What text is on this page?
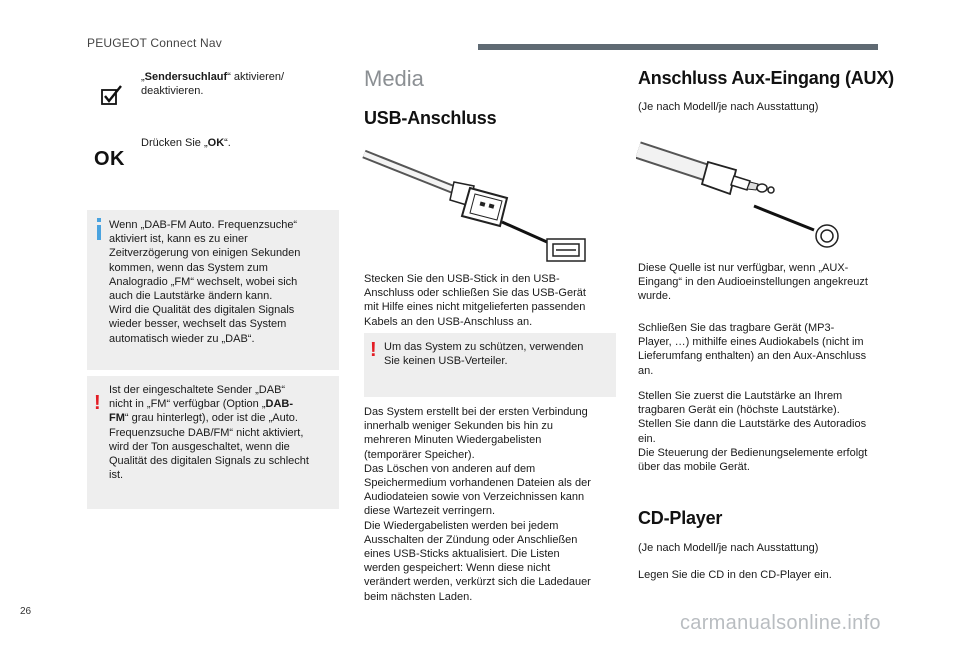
PEUGEOT Connect Nav
„Sendersuchlauf“ aktivieren/
deaktivieren.
OK
Drücken Sie „OK“.
Wenn „DAB-FM Auto. Frequenzsuche“
aktiviert ist, kann es zu einer
Zeitverzögerung von einigen Sekunden
kommen, wenn das System zum
Analogradio „FM“ wechselt, wobei sich
auch die Lautstärke ändern kann.
Wird die Qualität des digitalen Signals
wieder besser, wechselt das System
automatisch wieder zu „DAB“.
!
Ist der eingeschaltete Sender „DAB“
nicht in „FM“ verfügbar (Option „DAB-
FM“ grau hinterlegt), oder ist die „Auto.
Frequenzsuche DAB/FM“ nicht aktiviert,
wird der Ton ausgeschaltet, wenn die
Qualität des digitalen Signals zu schlecht
ist.
Media
USB-Anschluss
Stecken Sie den USB-Stick in den USB-
Anschluss oder schließen Sie das USB-Gerät
mit Hilfe eines nicht mitgelieferten passenden
Kabels an den USB-Anschluss an.
! Um das System zu schützen, verwenden
Sie keinen USB-Verteiler.
Das System erstellt bei der ersten Verbindung
innerhalb weniger Sekunden bis hin zu
mehreren Minuten Wiedergabelisten
(temporärer Speicher).
Das Löschen von anderen auf dem
Speichermedium vorhandenen Dateien als der
Audiodateien sowie von Verzeichnissen kann
diese Wartezeit verringern.
Die Wiedergabelisten werden bei jedem
Ausschalten der Zündung oder Anschließen
eines USB-Sticks aktualisiert. Die Listen
werden gespeichert: Wenn diese nicht
verändert werden, verkürzt sich die Ladedauer
beim nächsten Laden.
Anschluss Aux-Eingang (AUX)
(Je nach Modell/je nach Ausstattung)
Diese Quelle ist nur verfügbar, wenn „AUX-
Eingang“ in den Audioeinstellungen angekreuzt
wurde.
Schließen Sie das tragbare Gerät (MP3-
Player, …) mithilfe eines Audiokabels (nicht im
Lieferumfang enthalten) an den Aux-Anschluss
an.
Stellen Sie zuerst die Lautstärke an Ihrem
tragbaren Gerät ein (höchste Lautstärke).
Stellen Sie dann die Lautstärke des Autoradios
ein.
Die Steuerung der Bedienungselemente erfolgt
über das mobile Gerät.
CD-Player
(Je nach Modell/je nach Ausstattung)
Legen Sie die CD in den CD-Player ein.
26
carmanualsonline.info
